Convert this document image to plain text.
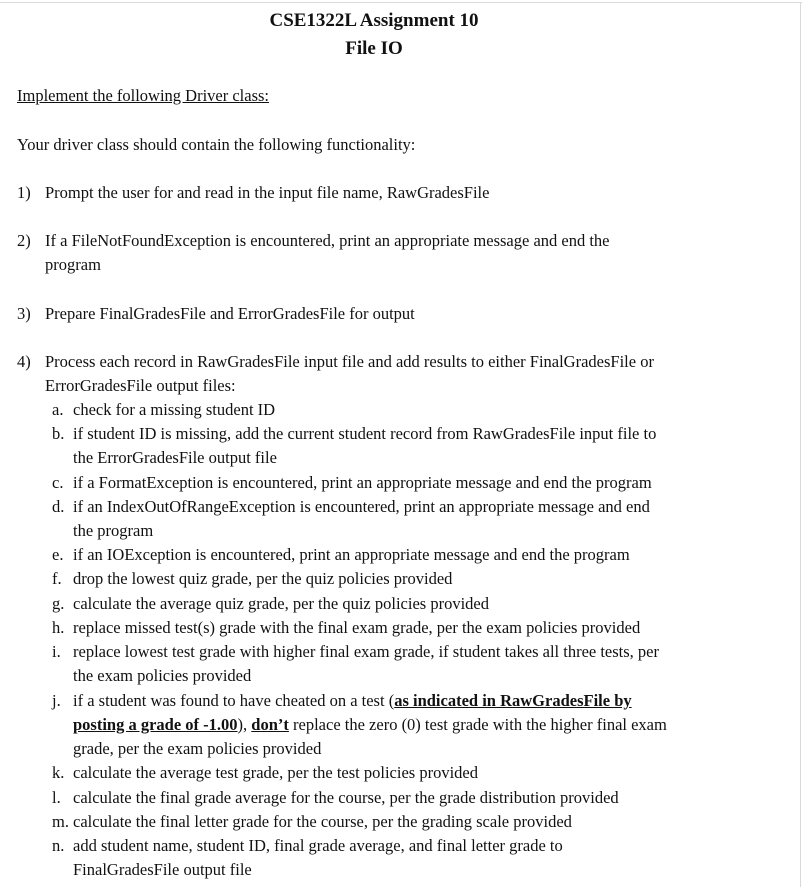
CSE1322L Assignment 10
File IO
Implement the following Driver class:
Your driver class should contain the following functionality:
1) Prompt the user for and read in the input file name, RawGradesFile
2) If a FileNotFoundException is encountered, print an appropriate message and end the
program
3) Prepare FinalGradesFile and ErrorGradesFile for output
4) Process each record in RawGradesFile input file and add results to either FinalGradesFile or
ErrorGradesFile output files:
a. check for a missing student ID
b. if student ID is missing, add the current student record from RawGradesFile input file to
the ErrorGradesFile output file
c. if a FormatException is encountered, print an appropriate message and end the program
d. if an IndexOutOfRangeException is encountered, print an appropriate message and end
the program
e. if an IOException is encountered, print an appropriate message and end the program
f. drop the lowest quiz grade, per the quiz policies provided
g. calculate the average quiz grade, per the quiz policies provided
h. replace missed test(s) grade with the final exam grade, per the exam policies provided
i. replace lowest test grade with higher final exam grade, if student takes all three tests, per
the exam policies provided
j. if a student was found to have cheated on a test (as indicated in RawGradesFile by
posting a grade of -1.00), don’t replace the zero (0) test grade with the higher final exam
grade, per the exam policies provided
k. calculate the average test grade, per the test policies provided
l. calculate the final grade average for the course, per the grade distribution provided
m. calculate the final letter grade for the course, per the grading scale provided
n. add student name, student ID, final grade average, and final letter grade to
FinalGradesFile output file
